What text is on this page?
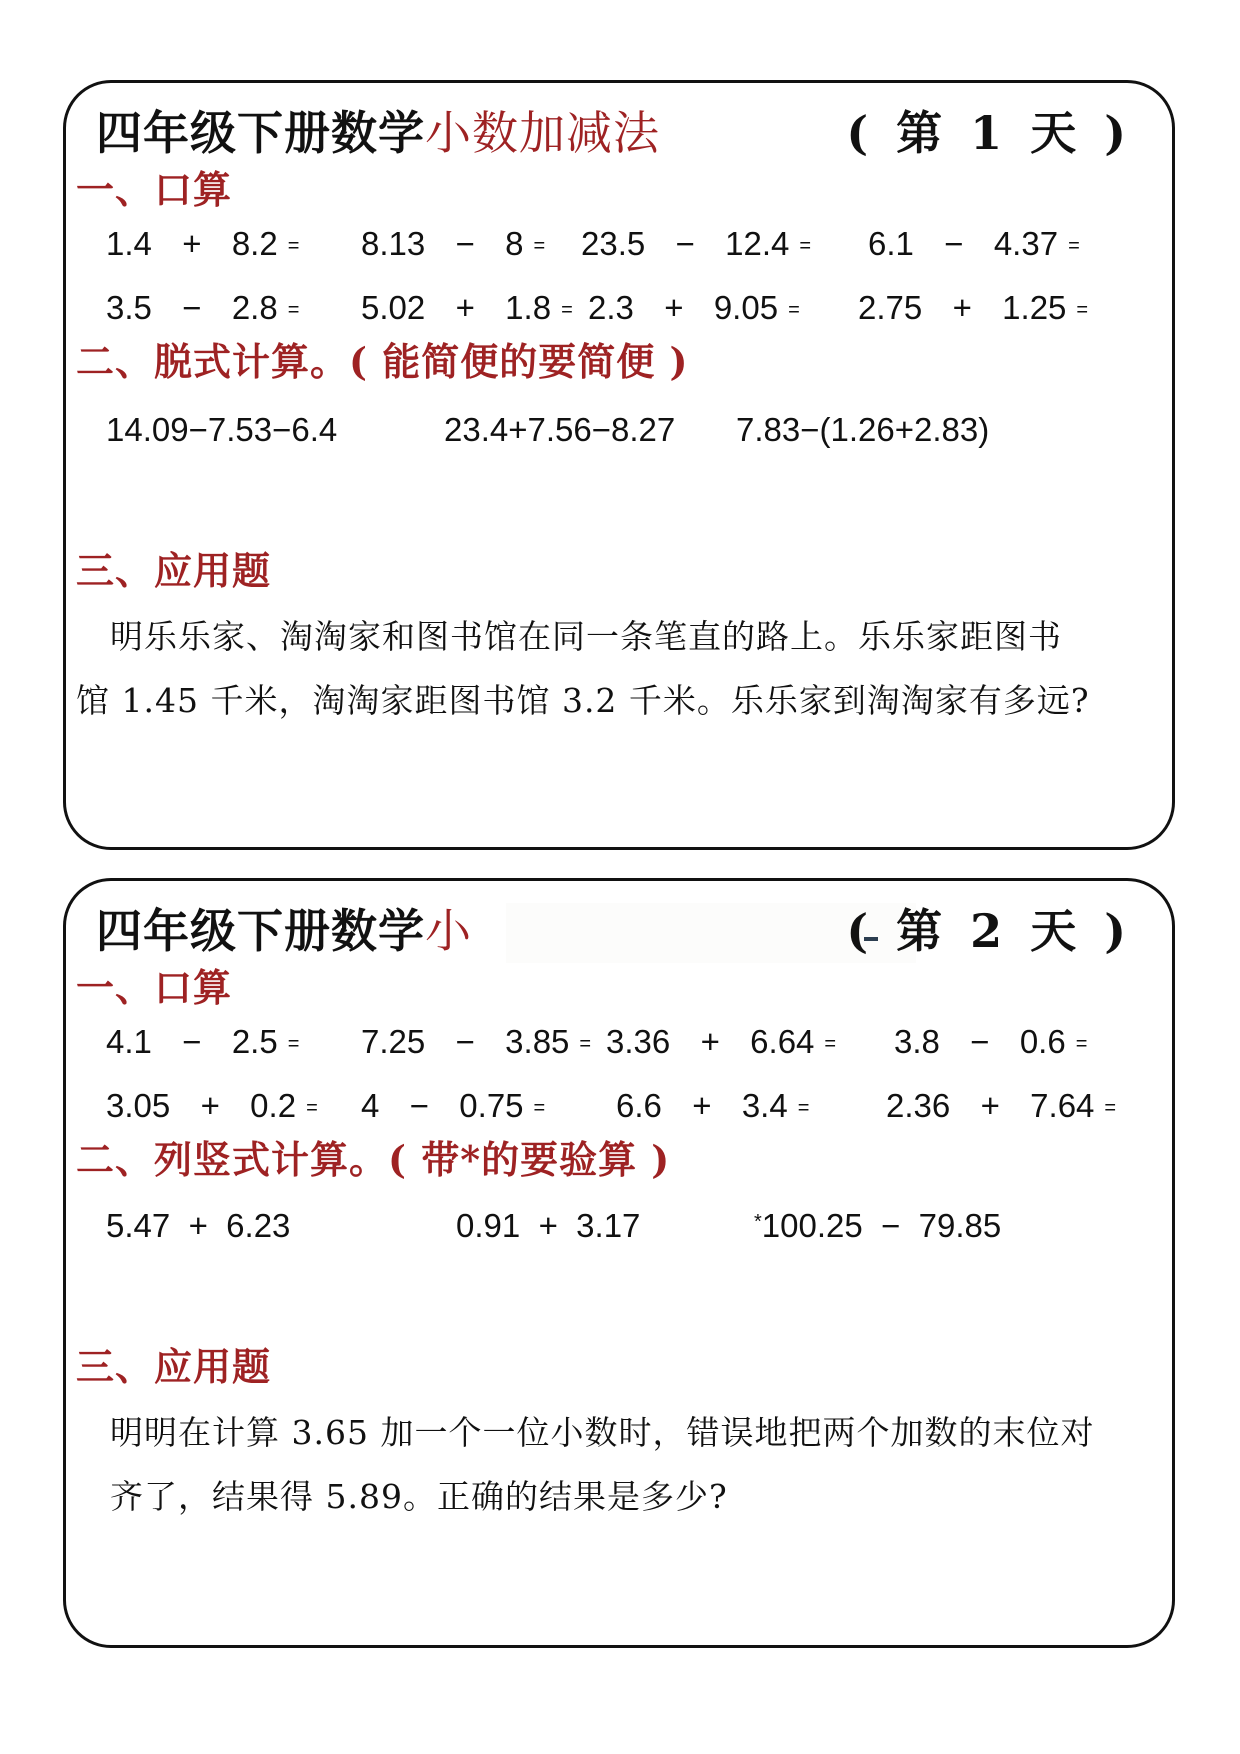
四年级下册数学小数加减法	( 第 1 天 )
一、口算
1.4  +  8.2 = 8.13  −  8 = 23.5  −  12.4 = 6.1  −  4.37 =
3.5  −  2.8 = 5.02  +  1.8 = 2.3  +  9.05 = 2.75  +  1.25 =
二、脱式计算。( 能简便的要简便 )
14.09−7.53−6.4	23.4+7.56−8.27 7.83−(1.26+2.83)
三、应用题
明乐乐家、淘淘家和图书馆在同一条笔直的路上。乐乐家距图书
馆 1.45 千米，淘淘家距图书馆 3.2 千米。乐乐家到淘淘家有多远?
四年级下册数学小	( 第 2 天 )
一、口算
4.1  −  2.5 = 7.25  −  3.85 = 3.36  +  6.64 = 3.8  −  0.6 =
3.05  +  0.2 = 4  −  0.75 = 6.6  +  3.4 = 2.36  +  7.64 =
二、列竖式计算。( 带*的要验算 )
5.47  +  6.23	0.91  +  3.17	*100.25  −  79.85
三、应用题
明明在计算 3.65 加一个一位小数时，错误地把两个加数的末位对
齐了，结果得 5.89。正确的结果是多少?
